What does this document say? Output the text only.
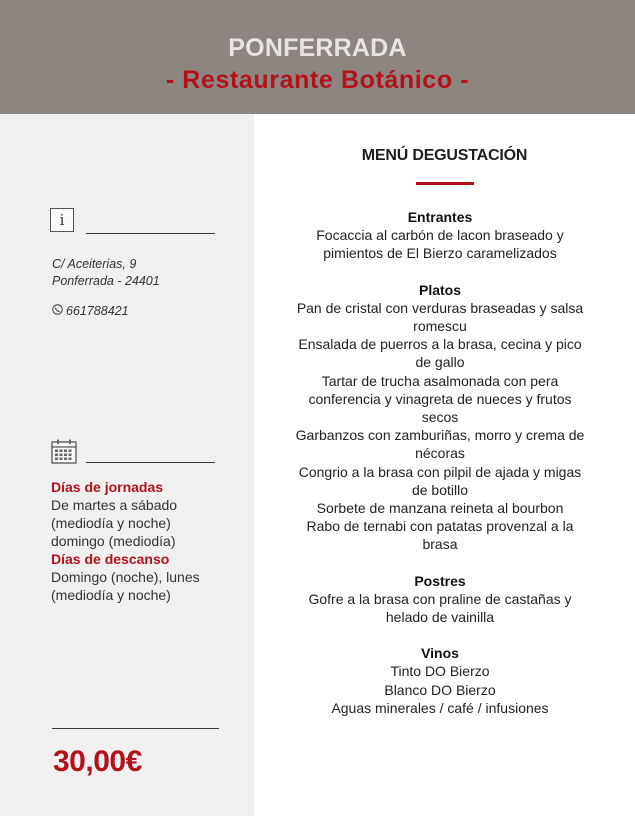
PONFERRADA
- Restaurante Botánico -
i
C/ Aceiterias, 9
Ponferrada - 24401
661788421
Días de jornadas
De martes a sábado
(mediodía y noche)
domingo (mediodía)
Días de descanso
Domingo (noche), lunes
(mediodía y noche)
30,00€
MENÚ DEGUSTACIÓN
Entrantes
Focaccia al carbón de lacon braseado y
pimientos de El Bierzo caramelizados
Platos
Pan de cristal con verduras braseadas y salsa
romescu
Ensalada de puerros a la brasa, cecina y pico
de gallo
Tartar de trucha asalmonada con pera
conferencia y vinagreta de nueces y frutos
secos
Garbanzos con zamburiñas, morro y crema de
nécoras
Congrio a la brasa con pilpil de ajada y migas
de botillo
Sorbete de manzana reineta al bourbon
Rabo de ternabi con patatas provenzal a la
brasa
Postres
Gofre a la brasa con praline de castañas y
helado de vainilla
Vinos
Tinto DO Bierzo
Blanco DO Bierzo
Aguas minerales / café / infusiones
